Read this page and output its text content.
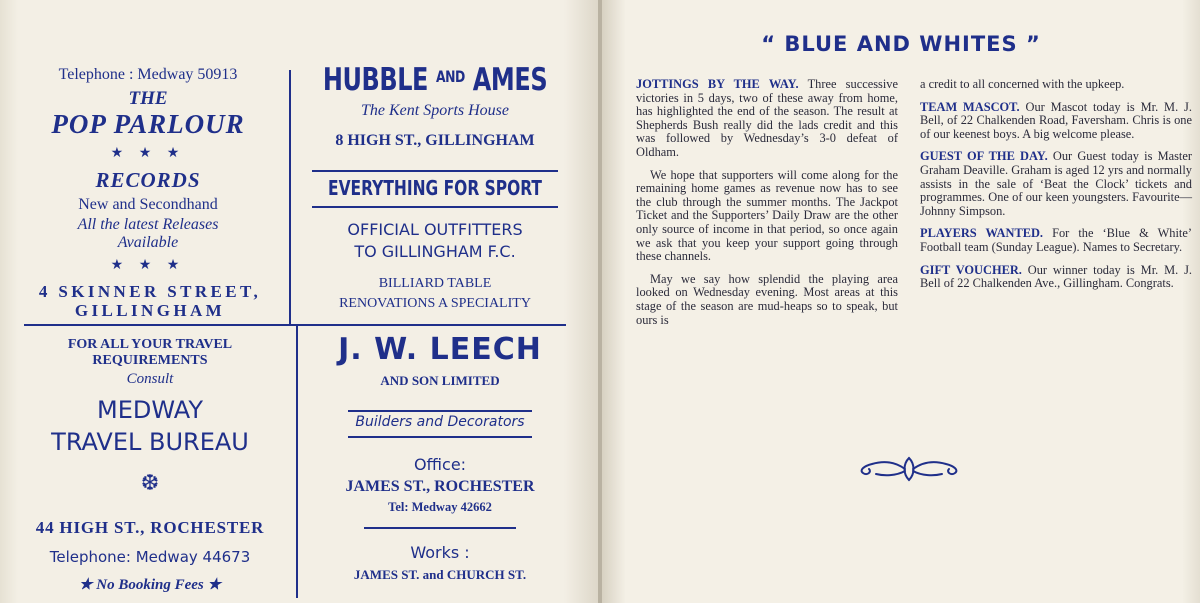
Telephone : Medway 50913
THE
POP PARLOUR
★ ★ ★
RECORDS
New and Secondhand
All the latest Releases
Available
★ ★ ★
4 SKINNER STREET,
GILLINGHAM
HUBBLE $^{AND}$ AMES
The Kent Sports House
8 HIGH ST., GILLINGHAM
EVERYTHING FOR SPORT
OFFICIAL OUTFITTERS
TO GILLINGHAM F.C.
BILLIARD TABLE
RENOVATIONS A SPECIALITY
FOR ALL YOUR TRAVEL
REQUIREMENTS
Consult
MEDWAY
TRAVEL BUREAU
❆
44 HIGH ST., ROCHESTER
Telephone: Medway 44673
★ No Booking Fees ★
J. W. LEECH
AND SON LIMITED
Builders and Decorators
Office:
JAMES ST., ROCHESTER
Tel: Medway 42662
Works :
JAMES ST. and CHURCH ST.
“ BLUE AND WHITES ”

JOTTINGS BY THE WAY. Three successive victories in 5 days, two of these away from home, has highlighted the end of the season. The result at Shepherds Bush really did the lads credit and this was followed by Wednesday’s 3-0 defeat of Oldham.

We hope that supporters will come along for the remaining home games as revenue now has to see the club through the summer months. The Jackpot Ticket and the Supporters’ Daily Draw are the other only source of income in that period, so once again we ask that you keep your support going through these channels.

May we say how splendid the playing area looked on Wednesday evening. Most areas at this stage of the season are mud-heaps so to speak, but ours is

a credit to all concerned with the upkeep.

TEAM MASCOT. Our Mascot today is Mr. M. J. Bell, of 22 Chalkenden Road, Faversham. Chris is one of our keenest boys. A big welcome please.

GUEST OF THE DAY. Our Guest today is Master Graham Deaville. Graham is aged 12 yrs and normally assists in the sale of ‘Beat the Clock’ tickets and programmes. One of our keen youngsters. Favourite—Johnny Simpson.

PLAYERS WANTED. For the ‘Blue & White’ Football team (Sunday League). Names to Secretary.

GIFT VOUCHER. Our winner today is Mr. M. J. Bell of 22 Chalkenden Ave., Gillingham. Congrats.
